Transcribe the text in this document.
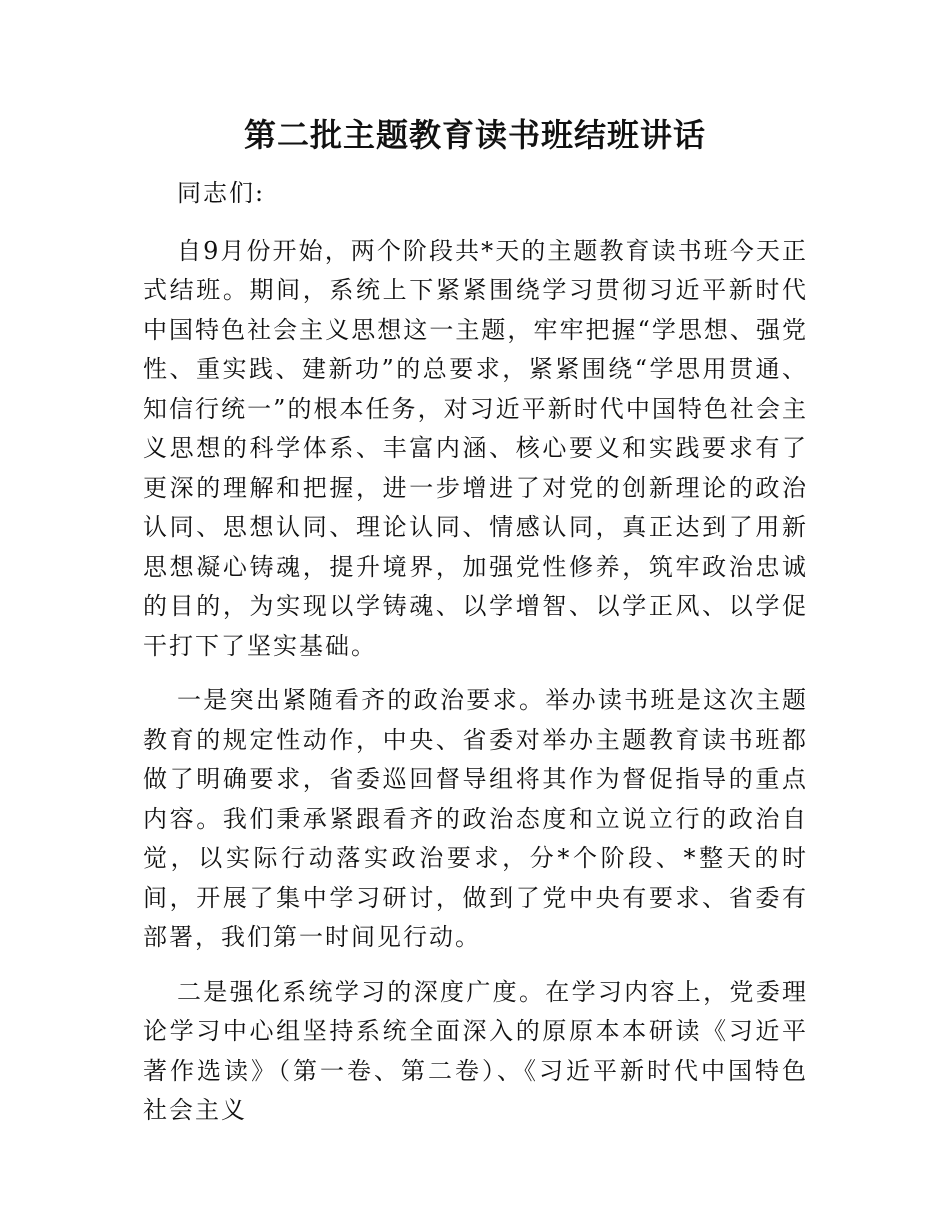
第二批主题教育读书班结班讲话

同志们:

自9月份开始，两个阶段共*天的主题教育读书班今天正式结班。期间，系统上下紧紧围绕学习贯彻习近平新时代中国特色社会主义思想这一主题，牢牢把握“学思想、强党性、重实践、建新功”的总要求，紧紧围绕“学思用贯通、知信行统一”的根本任务，对习近平新时代中国特色社会主义思想的科学体系、丰富内涵、核心要义和实践要求有了更深的理解和把握，进一步增进了对党的创新理论的政治认同、思想认同、理论认同、情感认同，真正达到了用新思想凝心铸魂，提升境界，加强党性修养，筑牢政治忠诚的目的，为实现以学铸魂、以学增智、以学正风、以学促干打下了坚实基础。

一是突出紧随看齐的政治要求。举办读书班是这次主题教育的规定性动作，中央、省委对举办主题教育读书班都做了明确要求，省委巡回督导组将其作为督促指导的重点内容。我们秉承紧跟看齐的政治态度和立说立行的政治自觉，以实际行动落实政治要求，分*个阶段、*整天的时间，开展了集中学习研讨，做到了党中央有要求、省委有部署，我们第一时间见行动。

二是强化系统学习的深度广度。在学习内容上，党委理论学习中心组坚持系统全面深入的原原本本研读《习近平著作选读》（第一卷、第二卷）、《习近平新时代中国特色社会主义
